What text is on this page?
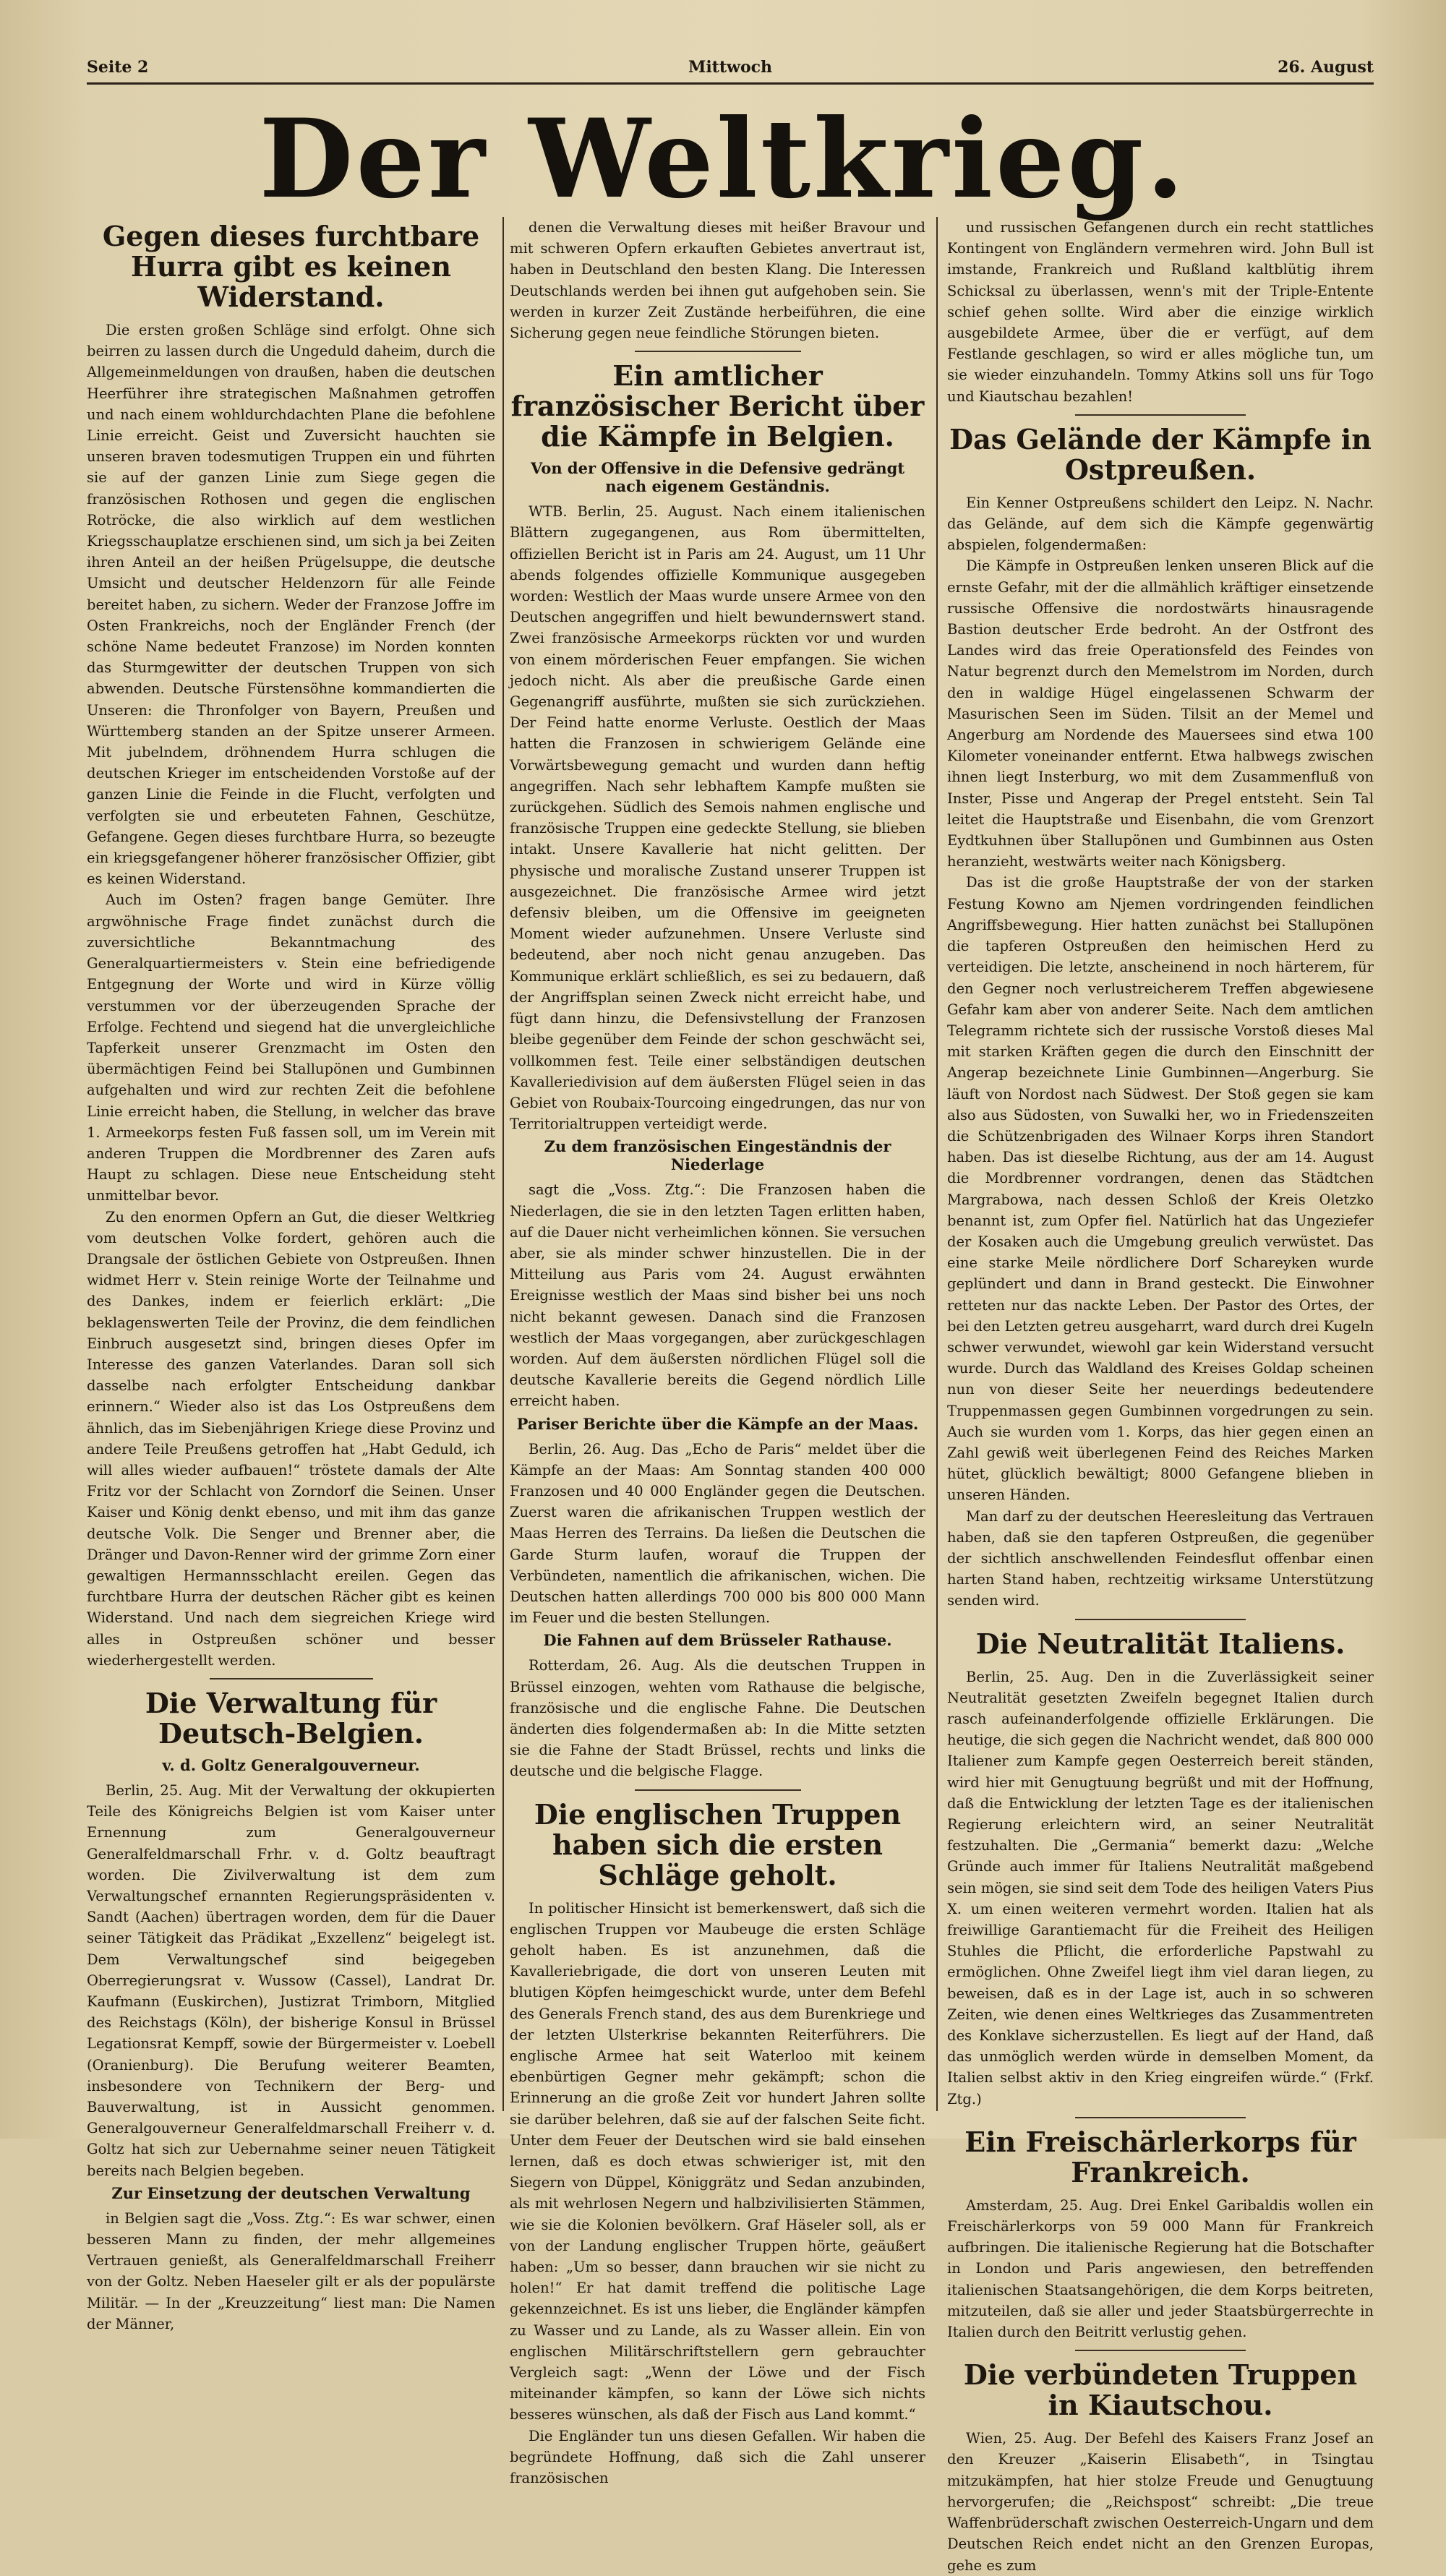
Seite 2	Mittwoch	26. August
Der Weltkrieg.
Gegen dieses furchtbare Hurra gibt es keinen Widerstand.

Die ersten großen Schläge sind erfolgt. Ohne sich beirren zu lassen durch die Ungeduld daheim, durch die Allgemeinmeldungen von draußen, haben die deutschen Heerführer ihre strategischen Maßnahmen getroffen und nach einem wohldurchdachten Plane die befohlene Linie erreicht. Geist und Zuversicht hauchten sie unseren braven todesmutigen Truppen ein und führten sie auf der ganzen Linie zum Siege gegen die französischen Rothosen und gegen die englischen Rotröcke, die also wirklich auf dem westlichen Kriegsschauplatze erschienen sind, um sich ja bei Zeiten ihren Anteil an der heißen Prügelsuppe, die deutsche Umsicht und deutscher Heldenzorn für alle Feinde bereitet haben, zu sichern. Weder der Franzose Joffre im Osten Frankreichs, noch der Engländer French (der schöne Name bedeutet Franzose) im Norden konnten das Sturmgewitter der deutschen Truppen von sich abwenden. Deutsche Fürstensöhne kommandierten die Unseren: die Thronfolger von Bayern, Preußen und Württemberg standen an der Spitze unserer Armeen. Mit jubelndem, dröhnendem Hurra schlugen die deutschen Krieger im entscheidenden Vorstoße auf der ganzen Linie die Feinde in die Flucht, verfolgten und verfolgten sie und erbeuteten Fahnen, Geschütze, Gefangene. Gegen dieses furchtbare Hurra, so bezeugte ein kriegsgefangener höherer französischer Offizier, gibt es keinen Widerstand.

Auch im Osten? fragen bange Gemüter. Ihre argwöhnische Frage findet zunächst durch die zuversichtliche Bekanntmachung des Generalquartiermeisters v. Stein eine befriedigende Entgegnung der Worte und wird in Kürze völlig verstummen vor der überzeugenden Sprache der Erfolge. Fechtend und siegend hat die unvergleichliche Tapferkeit unserer Grenzmacht im Osten den übermächtigen Feind bei Stallupönen und Gumbinnen aufgehalten und wird zur rechten Zeit die befohlene Linie erreicht haben, die Stellung, in welcher das brave 1. Armeekorps festen Fuß fassen soll, um im Verein mit anderen Truppen die Mordbrenner des Zaren aufs Haupt zu schlagen. Diese neue Entscheidung steht unmittelbar bevor.

Zu den enormen Opfern an Gut, die dieser Weltkrieg vom deutschen Volke fordert, gehören auch die Drangsale der östlichen Gebiete von Ostpreußen. Ihnen widmet Herr v. Stein reinige Worte der Teilnahme und des Dankes, indem er feierlich erklärt: „Die beklagenswerten Teile der Provinz, die dem feindlichen Einbruch ausgesetzt sind, bringen dieses Opfer im Interesse des ganzen Vaterlandes. Daran soll sich dasselbe nach erfolgter Entscheidung dankbar erinnern.“ Wieder also ist das Los Ostpreußens dem ähnlich, das im Siebenjährigen Kriege diese Provinz und andere Teile Preußens getroffen hat „Habt Geduld, ich will alles wieder aufbauen!“ tröstete damals der Alte Fritz vor der Schlacht von Zorndorf die Seinen. Unser Kaiser und König denkt ebenso, und mit ihm das ganze deutsche Volk. Die Senger und Brenner aber, die Dränger und Davon-Renner wird der grimme Zorn einer gewaltigen Hermannsschlacht ereilen. Gegen das furchtbare Hurra der deutschen Rächer gibt es keinen Widerstand. Und nach dem siegreichen Kriege wird alles in Ostpreußen schöner und besser wiederhergestellt werden.

Die Verwaltung für Deutsch-Belgien.
v. d. Goltz Generalgouverneur.

Berlin, 25. Aug. Mit der Verwaltung der okkupierten Teile des Königreichs Belgien ist vom Kaiser unter Ernennung zum Generalgouverneur Generalfeldmarschall Frhr. v. d. Goltz beauftragt worden. Die Zivilverwaltung ist dem zum Verwaltungschef ernannten Regierungspräsidenten v. Sandt (Aachen) übertragen worden, dem für die Dauer seiner Tätigkeit das Prädikat „Exzellenz“ beigelegt ist. Dem Verwaltungschef sind beigegeben Oberregierungsrat v. Wussow (Cassel), Landrat Dr. Kaufmann (Euskirchen), Justizrat Trimborn, Mitglied des Reichstags (Köln), der bisherige Konsul in Brüssel Legationsrat Kempff, sowie der Bürgermeister v. Loebell (Oranienburg). Die Berufung weiterer Beamten, insbesondere von Technikern der Berg- und Bauverwaltung, ist in Aussicht genommen. Generalgouverneur Generalfeldmarschall Freiherr v. d. Goltz hat sich zur Uebernahme seiner neuen Tätigkeit bereits nach Belgien begeben.

Zur Einsetzung der deutschen Verwaltung

in Belgien sagt die „Voss. Ztg.“: Es war schwer, einen besseren Mann zu finden, der mehr allgemeines Vertrauen genießt, als Generalfeldmarschall Freiherr von der Goltz. Neben Haeseler gilt er als der populärste Militär. — In der „Kreuzzeitung“ liest man: Die Namen der Männer,

denen die Verwaltung dieses mit heißer Bravour und mit schweren Opfern erkauften Gebietes anvertraut ist, haben in Deutschland den besten Klang. Die Interessen Deutschlands werden bei ihnen gut aufgehoben sein. Sie werden in kurzer Zeit Zustände herbeiführen, die eine Sicherung gegen neue feindliche Störungen bieten.

Ein amtlicher französischer Bericht über die Kämpfe in Belgien.
Von der Offensive in die Defensive gedrängt nach eigenem Geständnis.

WTB. Berlin, 25. August. Nach einem italienischen Blättern zugegangenen, aus Rom übermittelten, offiziellen Bericht ist in Paris am 24. August, um 11 Uhr abends folgendes offizielle Kommunique ausgegeben worden: Westlich der Maas wurde unsere Armee von den Deutschen angegriffen und hielt bewundernswert stand. Zwei französische Armeekorps rückten vor und wurden von einem mörderischen Feuer empfangen. Sie wichen jedoch nicht. Als aber die preußische Garde einen Gegenangriff ausführte, mußten sie sich zurückziehen. Der Feind hatte enorme Verluste. Oestlich der Maas hatten die Franzosen in schwierigem Gelände eine Vorwärtsbewegung gemacht und wurden dann heftig angegriffen. Nach sehr lebhaftem Kampfe mußten sie zurückgehen. Südlich des Semois nahmen englische und französische Truppen eine gedeckte Stellung, sie blieben intakt. Unsere Kavallerie hat nicht gelitten. Der physische und moralische Zustand unserer Truppen ist ausgezeichnet. Die französische Armee wird jetzt defensiv bleiben, um die Offensive im geeigneten Moment wieder aufzunehmen. Unsere Verluste sind bedeutend, aber noch nicht genau anzugeben. Das Kommunique erklärt schließlich, es sei zu bedauern, daß der Angriffsplan seinen Zweck nicht erreicht habe, und fügt dann hinzu, die Defensivstellung der Franzosen bleibe gegenüber dem Feinde der schon geschwächt sei, vollkommen fest. Teile einer selbständigen deutschen Kavalleriedivision auf dem äußersten Flügel seien in das Gebiet von Roubaix-Tourcoing eingedrungen, das nur von Territorialtruppen verteidigt werde.

Zu dem französischen Eingeständnis der Niederlage

sagt die „Voss. Ztg.“: Die Franzosen haben die Niederlagen, die sie in den letzten Tagen erlitten haben, auf die Dauer nicht verheimlichen können. Sie versuchen aber, sie als minder schwer hinzustellen. Die in der Mitteilung aus Paris vom 24. August erwähnten Ereignisse westlich der Maas sind bisher bei uns noch nicht bekannt gewesen. Danach sind die Franzosen westlich der Maas vorgegangen, aber zurückgeschlagen worden. Auf dem äußersten nördlichen Flügel soll die deutsche Kavallerie bereits die Gegend nördlich Lille erreicht haben.

Pariser Berichte über die Kämpfe an der Maas.

Berlin, 26. Aug. Das „Echo de Paris“ meldet über die Kämpfe an der Maas: Am Sonntag standen 400 000 Franzosen und 40 000 Engländer gegen die Deutschen. Zuerst waren die afrikanischen Truppen westlich der Maas Herren des Terrains. Da ließen die Deutschen die Garde Sturm laufen, worauf die Truppen der Verbündeten, namentlich die afrikanischen, wichen. Die Deutschen hatten allerdings 700 000 bis 800 000 Mann im Feuer und die besten Stellungen.

Die Fahnen auf dem Brüsseler Rathause.

Rotterdam, 26. Aug. Als die deutschen Truppen in Brüssel einzogen, wehten vom Rathause die belgische, französische und die englische Fahne. Die Deutschen änderten dies folgendermaßen ab: In die Mitte setzten sie die Fahne der Stadt Brüssel, rechts und links die deutsche und die belgische Flagge.

Die englischen Truppen haben sich die ersten Schläge geholt.

In politischer Hinsicht ist bemerkenswert, daß sich die englischen Truppen vor Maubeuge die ersten Schläge geholt haben. Es ist anzunehmen, daß die Kavalleriebrigade, die dort von unseren Leuten mit blutigen Köpfen heimgeschickt wurde, unter dem Befehl des Generals French stand, des aus dem Burenkriege und der letzten Ulsterkrise bekannten Reiterführers. Die englische Armee hat seit Waterloo mit keinem ebenbürtigen Gegner mehr gekämpft; schon die Erinnerung an die große Zeit vor hundert Jahren sollte sie darüber belehren, daß sie auf der falschen Seite ficht. Unter dem Feuer der Deutschen wird sie bald einsehen lernen, daß es doch etwas schwieriger ist, mit den Siegern von Düppel, Königgrätz und Sedan anzubinden, als mit wehrlosen Negern und halbzivilisierten Stämmen, wie sie die Kolonien bevölkern. Graf Häseler soll, als er von der Landung englischer Truppen hörte, geäußert haben: „Um so besser, dann brauchen wir sie nicht zu holen!“ Er hat damit treffend die politische Lage gekennzeichnet. Es ist uns lieber, die Engländer kämpfen zu Wasser und zu Lande, als zu Wasser allein. Ein von englischen Militärschriftstellern gern gebrauchter Vergleich sagt: „Wenn der Löwe und der Fisch miteinander kämpfen, so kann der Löwe sich nichts besseres wünschen, als daß der Fisch aus Land kommt.“

Die Engländer tun uns diesen Gefallen. Wir haben die begründete Hoffnung, daß sich die Zahl unserer französischen

und russischen Gefangenen durch ein recht stattliches Kontingent von Engländern vermehren wird. John Bull ist imstande, Frankreich und Rußland kaltblütig ihrem Schicksal zu überlassen, wenn's mit der Triple-Entente schief gehen sollte. Wird aber die einzige wirklich ausgebildete Armee, über die er verfügt, auf dem Festlande geschlagen, so wird er alles mögliche tun, um sie wieder einzuhandeln. Tommy Atkins soll uns für Togo und Kiautschau bezahlen!

Das Gelände der Kämpfe in Ostpreußen.

Ein Kenner Ostpreußens schildert den Leipz. N. Nachr. das Gelände, auf dem sich die Kämpfe gegenwärtig abspielen, folgendermaßen:

Die Kämpfe in Ostpreußen lenken unseren Blick auf die ernste Gefahr, mit der die allmählich kräftiger einsetzende russische Offensive die nordostwärts hinausragende Bastion deutscher Erde bedroht. An der Ostfront des Landes wird das freie Operationsfeld des Feindes von Natur begrenzt durch den Memelstrom im Norden, durch den in waldige Hügel eingelassenen Schwarm der Masurischen Seen im Süden. Tilsit an der Memel und Angerburg am Nordende des Mauersees sind etwa 100 Kilometer voneinander entfernt. Etwa halbwegs zwischen ihnen liegt Insterburg, wo mit dem Zusammenfluß von Inster, Pisse und Angerap der Pregel entsteht. Sein Tal leitet die Hauptstraße und Eisenbahn, die vom Grenzort Eydtkuhnen über Stallupönen und Gumbinnen aus Osten heranzieht, westwärts weiter nach Königsberg.

Das ist die große Hauptstraße der von der starken Festung Kowno am Njemen vordringenden feindlichen Angriffsbewegung. Hier hatten zunächst bei Stallupönen die tapferen Ostpreußen den heimischen Herd zu verteidigen. Die letzte, anscheinend in noch härterem, für den Gegner noch verlustreicherem Treffen abgewiesene Gefahr kam aber von anderer Seite. Nach dem amtlichen Telegramm richtete sich der russische Vorstoß dieses Mal mit starken Kräften gegen die durch den Einschnitt der Angerap bezeichnete Linie Gumbinnen—Angerburg. Sie läuft von Nordost nach Südwest. Der Stoß gegen sie kam also aus Südosten, von Suwalki her, wo in Friedenszeiten die Schützenbrigaden des Wilnaer Korps ihren Standort haben. Das ist dieselbe Richtung, aus der am 14. August die Mordbrenner vordrangen, denen das Städtchen Margrabowa, nach dessen Schloß der Kreis Oletzko benannt ist, zum Opfer fiel. Natürlich hat das Ungeziefer der Kosaken auch die Umgebung greulich verwüstet. Das eine starke Meile nördlichere Dorf Schareyken wurde geplündert und dann in Brand gesteckt. Die Einwohner retteten nur das nackte Leben. Der Pastor des Ortes, der bei den Letzten getreu ausgeharrt, ward durch drei Kugeln schwer verwundet, wiewohl gar kein Widerstand versucht wurde. Durch das Waldland des Kreises Goldap scheinen nun von dieser Seite her neuerdings bedeutendere Truppenmassen gegen Gumbinnen vorgedrungen zu sein. Auch sie wurden vom 1. Korps, das hier gegen einen an Zahl gewiß weit überlegenen Feind des Reiches Marken hütet, glücklich bewältigt; 8000 Gefangene blieben in unseren Händen.

Man darf zu der deutschen Heeresleitung das Vertrauen haben, daß sie den tapferen Ostpreußen, die gegenüber der sichtlich anschwellenden Feindesflut offenbar einen harten Stand haben, rechtzeitig wirksame Unterstützung senden wird.

Die Neutralität Italiens.

Berlin, 25. Aug. Den in die Zuverlässigkeit seiner Neutralität gesetzten Zweifeln begegnet Italien durch rasch aufeinanderfolgende offizielle Erklärungen. Die heutige, die sich gegen die Nachricht wendet, daß 800 000 Italiener zum Kampfe gegen Oesterreich bereit ständen, wird hier mit Genugtuung begrüßt und mit der Hoffnung, daß die Entwicklung der letzten Tage es der italienischen Regierung erleichtern wird, an seiner Neutralität festzuhalten. Die „Germania“ bemerkt dazu: „Welche Gründe auch immer für Italiens Neutralität maßgebend sein mögen, sie sind seit dem Tode des heiligen Vaters Pius X. um einen weiteren vermehrt worden. Italien hat als freiwillige Garantiemacht für die Freiheit des Heiligen Stuhles die Pflicht, die erforderliche Papstwahl zu ermöglichen. Ohne Zweifel liegt ihm viel daran liegen, zu beweisen, daß es in der Lage ist, auch in so schweren Zeiten, wie denen eines Weltkrieges das Zusammentreten des Konklave sicherzustellen. Es liegt auf der Hand, daß das unmöglich werden würde in demselben Moment, da Italien selbst aktiv in den Krieg eingreifen würde.“ (Frkf. Ztg.)

Ein Freischärlerkorps für Frankreich.

Amsterdam, 25. Aug. Drei Enkel Garibaldis wollen ein Freischärlerkorps von 59 000 Mann für Frankreich aufbringen. Die italienische Regierung hat die Botschafter in London und Paris angewiesen, den betreffenden italienischen Staatsangehörigen, die dem Korps beitreten, mitzuteilen, daß sie aller und jeder Staatsbürgerrechte in Italien durch den Beitritt verlustig gehen.

Die verbündeten Truppen in Kiautschou.

Wien, 25. Aug. Der Befehl des Kaisers Franz Josef an den Kreuzer „Kaiserin Elisabeth“, in Tsingtau mitzukämpfen, hat hier stolze Freude und Genugtuung hervorgerufen; die „Reichspost“ schreibt: „Die treue Waffenbrüderschaft zwischen Oesterreich-Ungarn und dem Deutschen Reich endet nicht an den Grenzen Europas, gehe es zum
